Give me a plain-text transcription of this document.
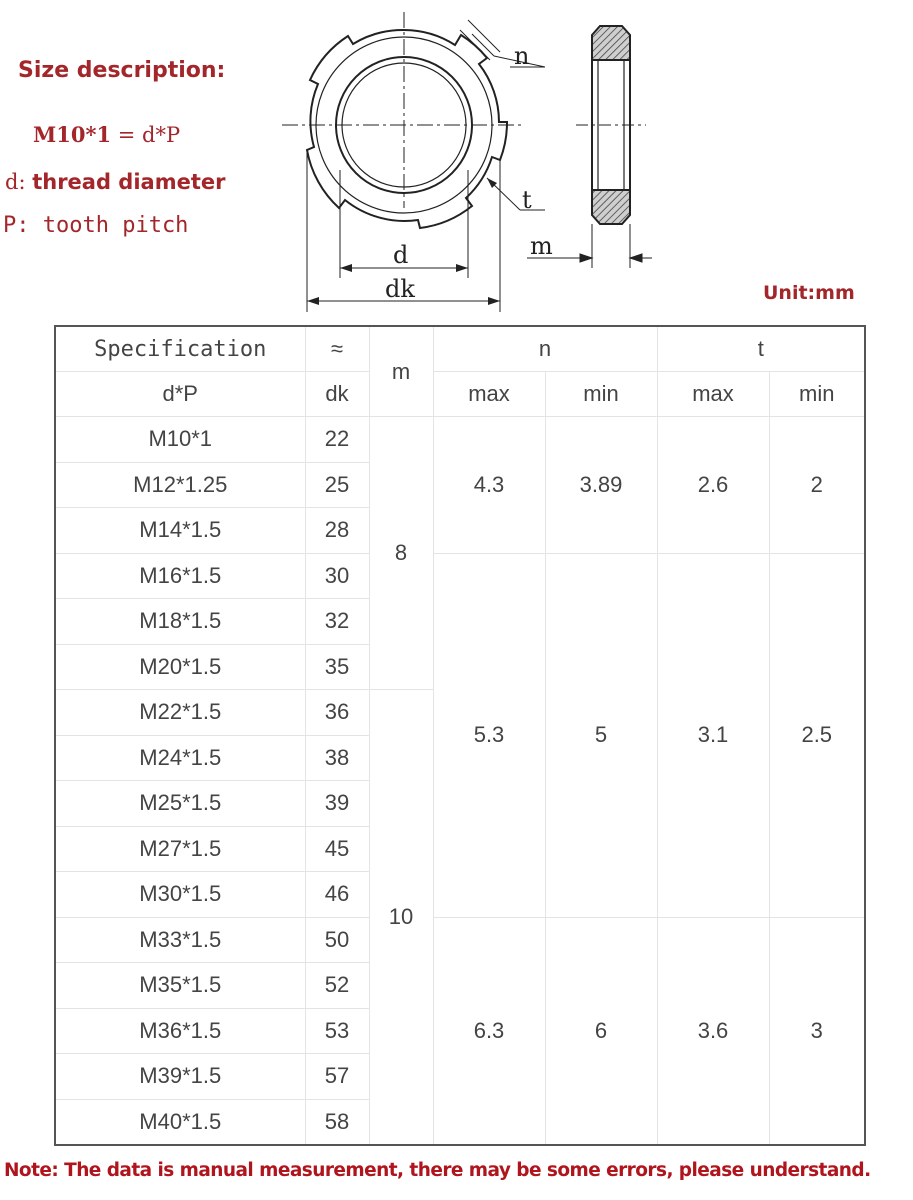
Size description:
M10*1 = d*P
d: thread diameter
P: tooth pitch
n
t
d
dk
m
Unit:mm
Specification	≈	m	n		t	
d*P	dk		max	min	max	min
M10*1	22	8	4.3	3.89	2.6	2
M12*1.25	25					
M14*1.5	28					
M16*1.5	30		5.3	5	3.1	2.5
M18*1.5	32					
M20*1.5	35					
M22*1.5	36	10				
M24*1.5	38					
M25*1.5	39					
M27*1.5	45					
M30*1.5	46					
M33*1.5	50		6.3	6	3.6	3
M35*1.5	52					
M36*1.5	53					
M39*1.5	57					
M40*1.5	58					
Note: The data is manual measurement, there may be some errors, please understand.
